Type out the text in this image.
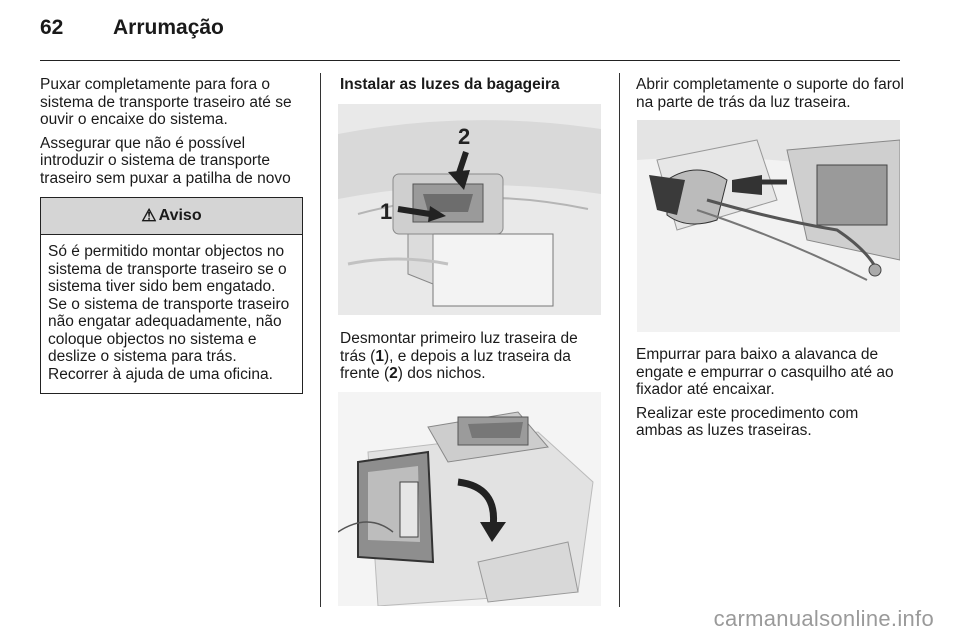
62 Arrumação

Puxar completamente para fora o sistema de transporte traseiro até se ouvir o encaixe do sistema.

Assegurar que não é possível introduzir o sistema de transporte traseiro sem puxar a patilha de novo

⚠ Aviso
Só é permitido montar objectos no sistema de transporte traseiro se o sistema tiver sido bem engatado. Se o sistema de transporte traseiro não engatar adequadamente, não coloque objectos no sistema e deslize o sistema para trás. Recorrer à ajuda de uma oficina.

Instalar as luzes da bagageira

1
2

Desmontar primeiro luz traseira de trás (1), e depois a luz traseira da frente (2) dos nichos.

Abrir completamente o suporte do farol na parte de trás da luz traseira.

Empurrar para baixo a alavanca de engate e empurrar o casquilho até ao fixador até encaixar.

Realizar este procedimento com ambas as luzes traseiras.

carmanualsonline.info
